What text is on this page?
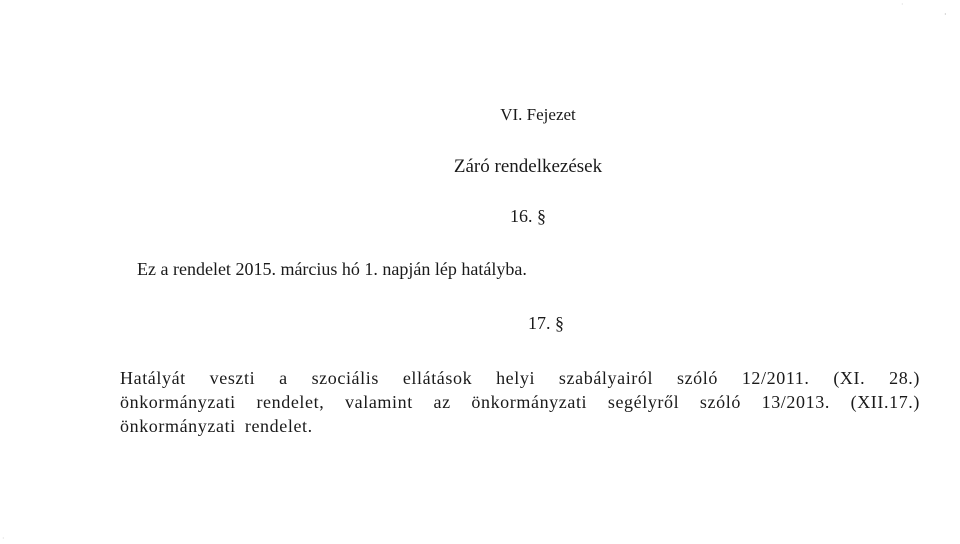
·
·
·
VI. Fejezet
Záró rendelkezések
16. §
Ez a rendelet 2015. március hó 1. napján lép hatályba.
17. §
Hatályát veszti a szociális ellátások helyi szabályairól szóló 12/2011. (XI. 28.)
önkormányzati rendelet, valamint az önkormányzati segélyről szóló 13/2013. (XII.17.)
önkormányzati rendelet.
